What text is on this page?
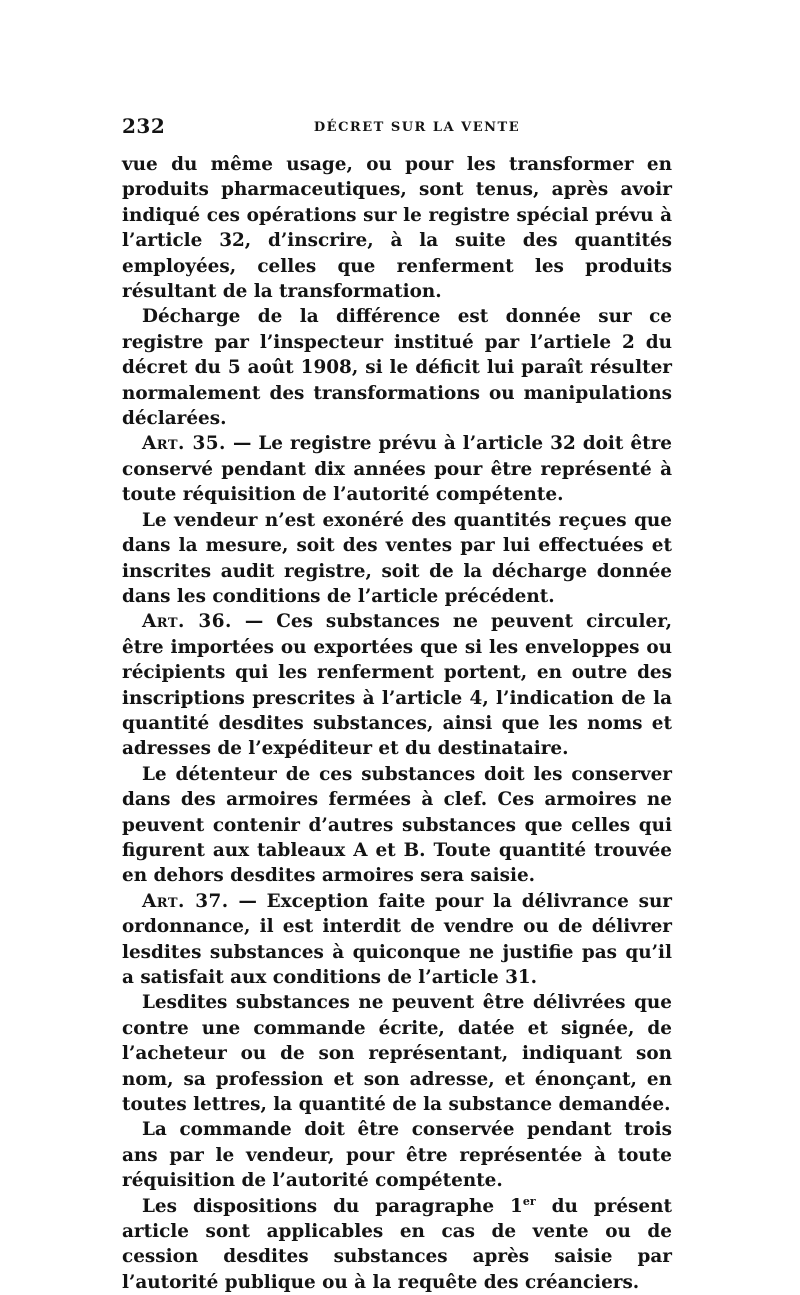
232	DÉCRET SUR LA VENTE

vue du même usage, ou pour les transformer en produits pharmaceutiques, sont tenus, après avoir indiqué ces opérations sur le registre spécial prévu à l’article 32, d’inscrire, à la suite des quantités employées, celles que renferment les produits résultant de la transformation.

Décharge de la différence est donnée sur ce registre par l’inspecteur institué par l’artiele 2 du décret du 5 août 1908, si le déficit lui paraît résulter normalement des transformations ou manipulations déclarées.

Art. 35. — Le registre prévu à l’article 32 doit être conservé pendant dix années pour être représenté à toute réquisition de l’autorité compétente.

Le vendeur n’est exonéré des quantités reçues que dans la mesure, soit des ventes par lui effectuées et inscrites audit registre, soit de la décharge donnée dans les conditions de l’article précédent.

Art. 36. — Ces substances ne peuvent circuler, être importées ou exportées que si les enveloppes ou récipients qui les renferment portent, en outre des inscriptions prescrites à l’article 4, l’indication de la quantité desdites substances, ainsi que les noms et adresses de l’expéditeur et du destinataire.

Le détenteur de ces substances doit les conserver dans des armoires fermées à clef. Ces armoires ne peuvent contenir d’autres substances que celles qui figurent aux tableaux A et B. Toute quantité trouvée en dehors desdites armoires sera saisie.

Art. 37. — Exception faite pour la délivrance sur ordonnance, il est interdit de vendre ou de délivrer lesdites substances à quiconque ne justifie pas qu’il a satisfait aux conditions de l’article 31.

Lesdites substances ne peuvent être délivrées que contre une commande écrite, datée et signée, de l’acheteur ou de son représentant, indiquant son nom, sa profession et son adresse, et énonçant, en toutes lettres, la quantité de la substance demandée.

La commande doit être conservée pendant trois ans par le vendeur, pour être représentée à toute réquisition de l’autorité compétente.

Les dispositions du paragraphe 1er du présent article sont applicables en cas de vente ou de cession desdites substances après saisie par l’autorité publique ou à la requête des créanciers.
